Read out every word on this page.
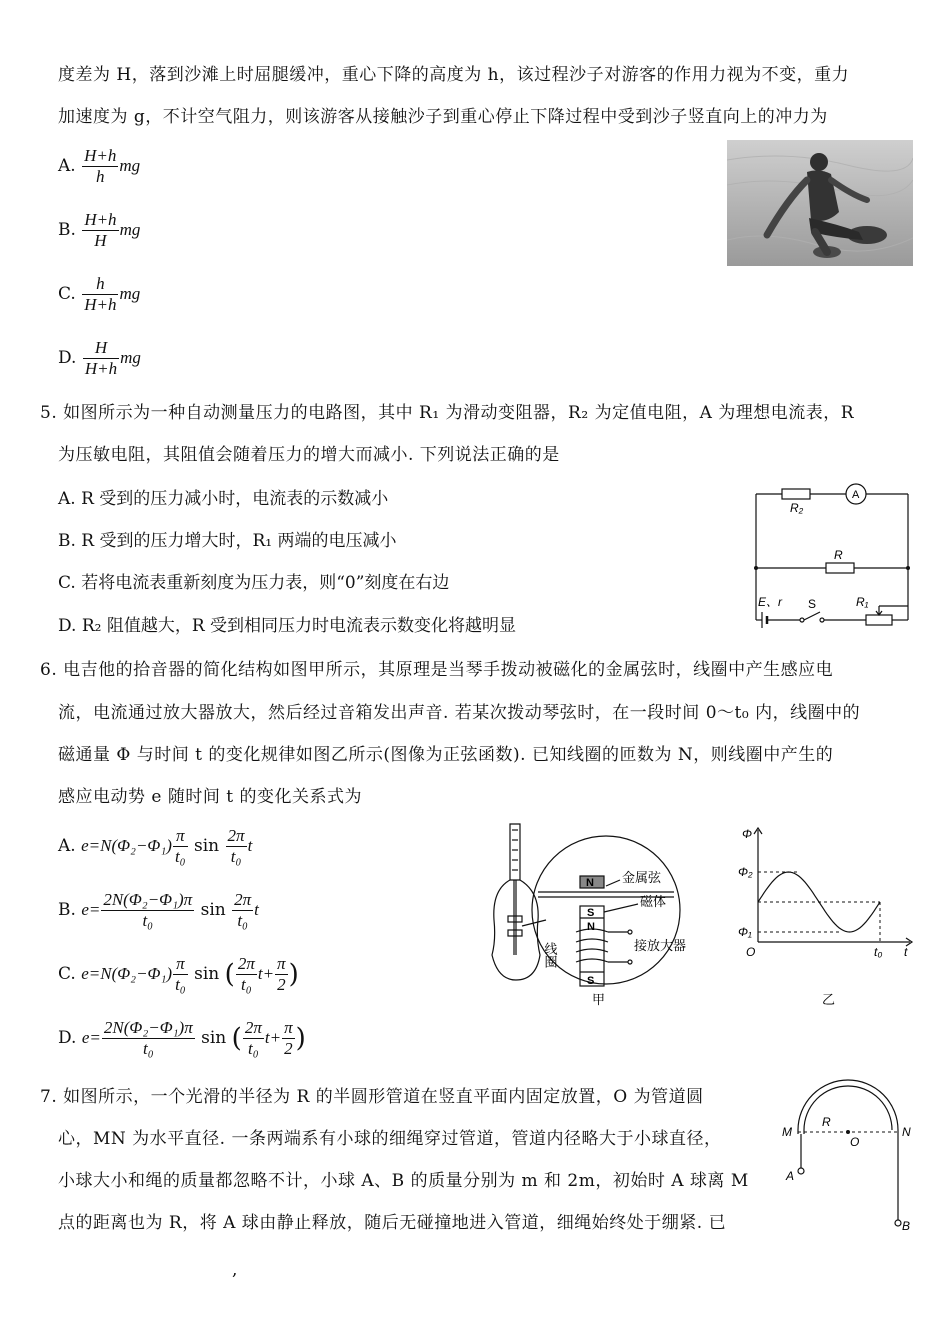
度差为 H，落到沙滩上时屈腿缓冲，重心下降的高度为 h，该过程沙子对游客的作用力视为不变，重力
加速度为 g，不计空气阻力，则该游客从接触沙子到重心停止下降过程中受到沙子竖直向上的冲力为
A. $\frac{H+h}{h}$ mg
B. $\frac{H+h}{H}$ mg
C. $\frac{h}{H+h}$ mg
D. $\frac{H}{H+h}$ mg
5. 如图所示为一种自动测量压力的电路图，其中 R₁ 为滑动变阻器，R₂ 为定值电阻，A 为理想电流表，R
为压敏电阻，其阻值会随着压力的增大而减小. 下列说法正确的是
A. R 受到的压力减小时，电流表的示数减小
B. R 受到的压力增大时，R₁ 两端的电压减小
C. 若将电流表重新刻度为压力表，则“0”刻度在右边
D. R₂ 阻值越大，R 受到相同压力时电流表示数变化将越明显
R₂
A
R
E、r S	R₁
6. 电吉他的拾音器的简化结构如图甲所示，其原理是当琴手拨动被磁化的金属弦时，线圈中产生感应电
流，电流通过放大器放大，然后经过音箱发出声音. 若某次拨动琴弦时，在一段时间 0～t₀ 内，线圈中的
磁通量 Φ 与时间 t 的变化规律如图乙所示(图像为正弦函数). 已知线圈的匝数为 N，则线圈中产生的
感应电动势 e 随时间 t 的变化关系式为
A. $e=N(\Phi_2-\Phi_1) \frac{\pi}{\text{t₀}}$ $\sin \frac{2\pi}{\text{t₀}}$ t
B. $e= \frac{\text{2N(Φ₂−Φ₁)π}}{\text{t₀}}$ $\sin \frac{2\pi}{\text{t₀}}$ t
C. $e=N(\Phi_2-\Phi_1) \frac{\pi}{\text{t₀}}$ sin ( $\frac{2\pi}{\text{t₀}} t+ \frac{\pi}{2}$ )
D. $e= \frac{\text{2N(Φ₂−Φ₁)π}}{\text{t₀}}$ sin ( $\frac{2\pi}{\text{t₀}} t+ \frac{\pi}{2}$ )
N 金属弦
S
N
S
磁体
接放大器
线圈
甲
Φ
Φ₂
Φ₁
O	t₀ t
乙
7. 如图所示，一个光滑的半径为 R 的半圆形管道在竖直平面内固定放置，O 为管道圆
心，MN 为水平直径. 一条两端系有小球的细绳穿过管道，管道内径略大于小球直径，
小球大小和绳的质量都忽略不计，小球 A、B 的质量分别为 m 和 2m，初始时 A 球离 M
点的距离也为 R，将 A 球由静止释放，随后无碰撞地进入管道，细绳始终处于绷紧. 已
M	N
R
O
A
B
,
